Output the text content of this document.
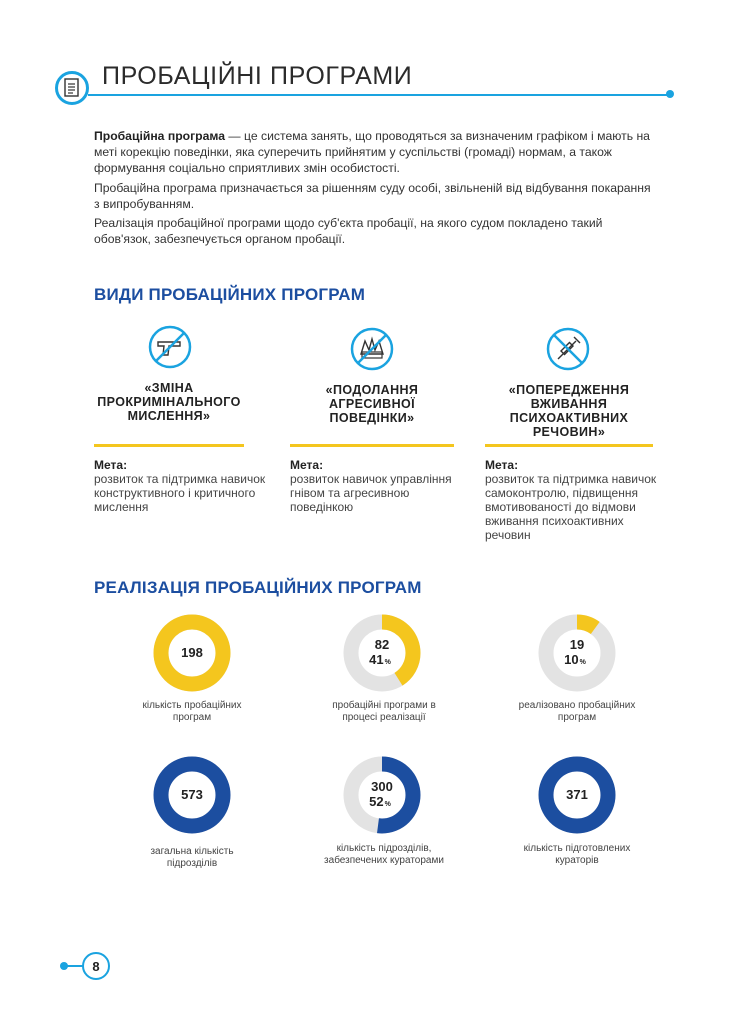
ПРОБАЦІЙНІ ПРОГРАМИ
Пробаційна програма — це система занять, що проводяться за визначеним графіком і мають на меті корекцію поведінки, яка суперечить прийнятим у суспільстві (громаді) нормам, а також формування соціально сприятливих змін особистості.
Пробаційна програма призначається за рішенням суду особі, звільненій від відбування покарання з випробуванням.
Реалізація пробаційної програми щодо суб'єкта пробації, на якого судом покладено такий обов'язок, забезпечується органом пробації.
ВИДИ ПРОБАЦІЙНИХ ПРОГРАМ
«ЗМІНА ПРОКРИМІНАЛЬНОГО МИСЛЕННЯ»
Мета:
розвиток та підтримка навичок конструктивного і критичного мислення
«ПОДОЛАННЯ АГРЕСИВНОЇ ПОВЕДІНКИ»
Мета:
розвиток навичок управління гнівом та агресивною поведінкою
«ПОПЕРЕДЖЕННЯ ВЖИВАННЯ ПСИХОАКТИВНИХ РЕЧОВИН»
Мета:
розвиток та підтримка навичок самоконтролю, підвищення вмотивованості до відмови вживання психоактивних речовин
РЕАЛІЗАЦІЯ ПРОБАЦІЙНИХ ПРОГРАМ
198
кількість пробаційних програм
82
41%
пробаційні програми в процесі реалізації
19
10%
реалізовано пробаційних програм
573
загальна кількість підрозділів
300
52%
кількість підрозділів, забезпечених кураторами
371
кількість підготовлених кураторів
8
